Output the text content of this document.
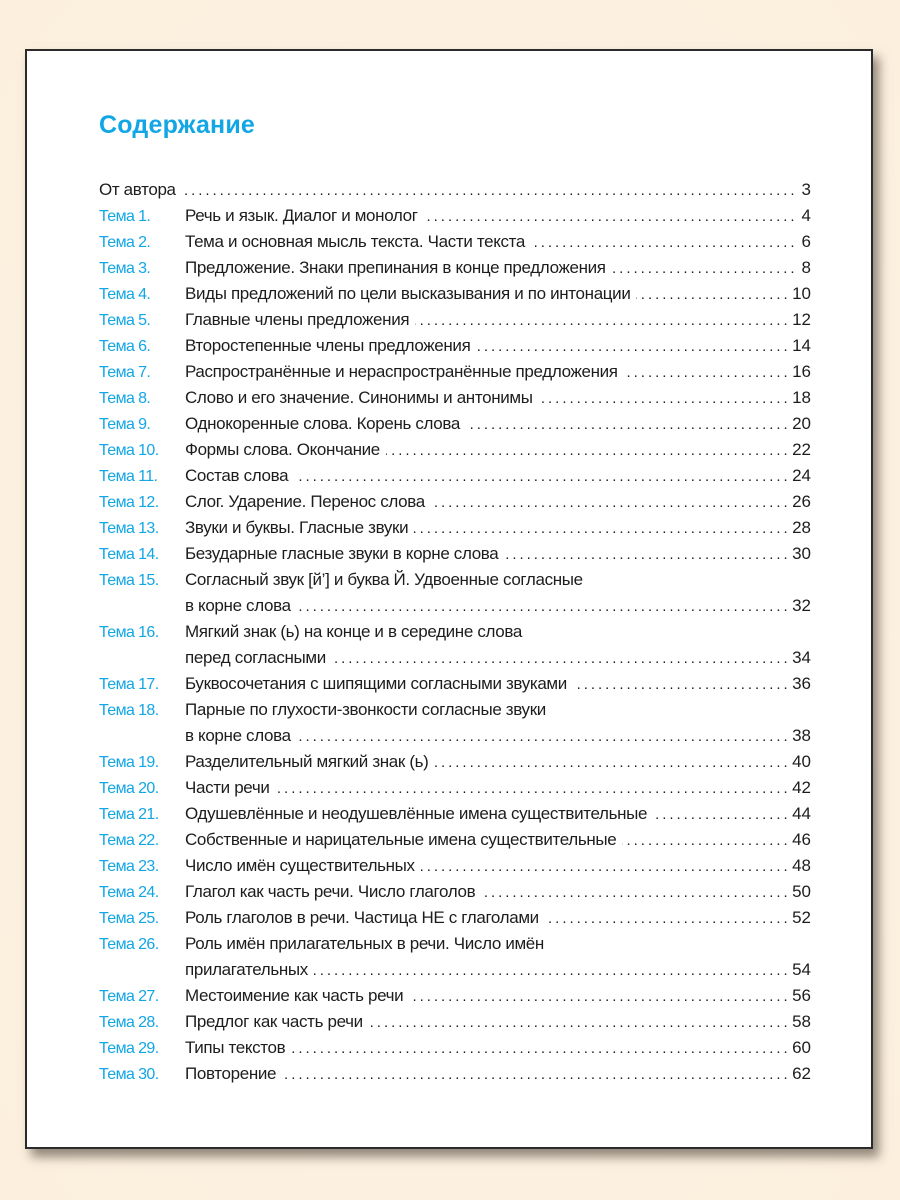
Содержание
От автора . . .	3
Тема 1.	Речь и язык. Диалог и монолог . . .	4
Тема 2.	Тема и основная мысль текста. Части текста . . .	6
Тема 3.	Предложение. Знаки препинания в конце предложения . . .	8
Тема 4.	Виды предложений по цели высказывания и по интонации . . .	10
Тема 5.	Главные члены предложения . . .	12
Тема 6.	Второстепенные члены предложения . . .	14
Тема 7.	Распространённые и нераспространённые предложения . . .	16
Тема 8.	Слово и его значение. Синонимы и антонимы . . .	18
Тема 9.	Однокоренные слова. Корень слова . . .	20
Тема 10.	Формы слова. Окончание . . .	22
Тема 11.	Состав слова . . .	24
Тема 12.	Слог. Ударение. Перенос слова . . .	26
Тема 13.	Звуки и буквы. Гласные звуки . . .	28
Тема 14.	Безударные гласные звуки в корне слова . . .	30
Тема 15.	Согласный звук [й’] и буква Й. Удвоенные согласные
в корне слова . . .	32
Тема 16.	Мягкий знак (ь) на конце и в середине слова
перед согласными . . .	34
Тема 17.	Буквосочетания с шипящими согласными звуками . . .	36
Тема 18.	Парные по глухости-звонкости согласные звуки
в корне слова . . .	38
Тема 19.	Разделительный мягкий знак (ь) . . .	40
Тема 20.	Части речи . . .	42
Тема 21.	Одушевлённые и неодушевлённые имена существительные . . .	44
Тема 22.	Собственные и нарицательные имена существительные . . .	46
Тема 23.	Число имён существительных . . .	48
Тема 24.	Глагол как часть речи. Число глаголов . . .	50
Тема 25.	Роль глаголов в речи. Частица НЕ с глаголами . . .	52
Тема 26.	Роль имён прилагательных в речи. Число имён
прилагательных . . .	54
Тема 27.	Местоимение как часть речи . . .	56
Тема 28.	Предлог как часть речи . . .	58
Тема 29.	Типы текстов . . .	60
Тема 30.	Повторение . . .	62
